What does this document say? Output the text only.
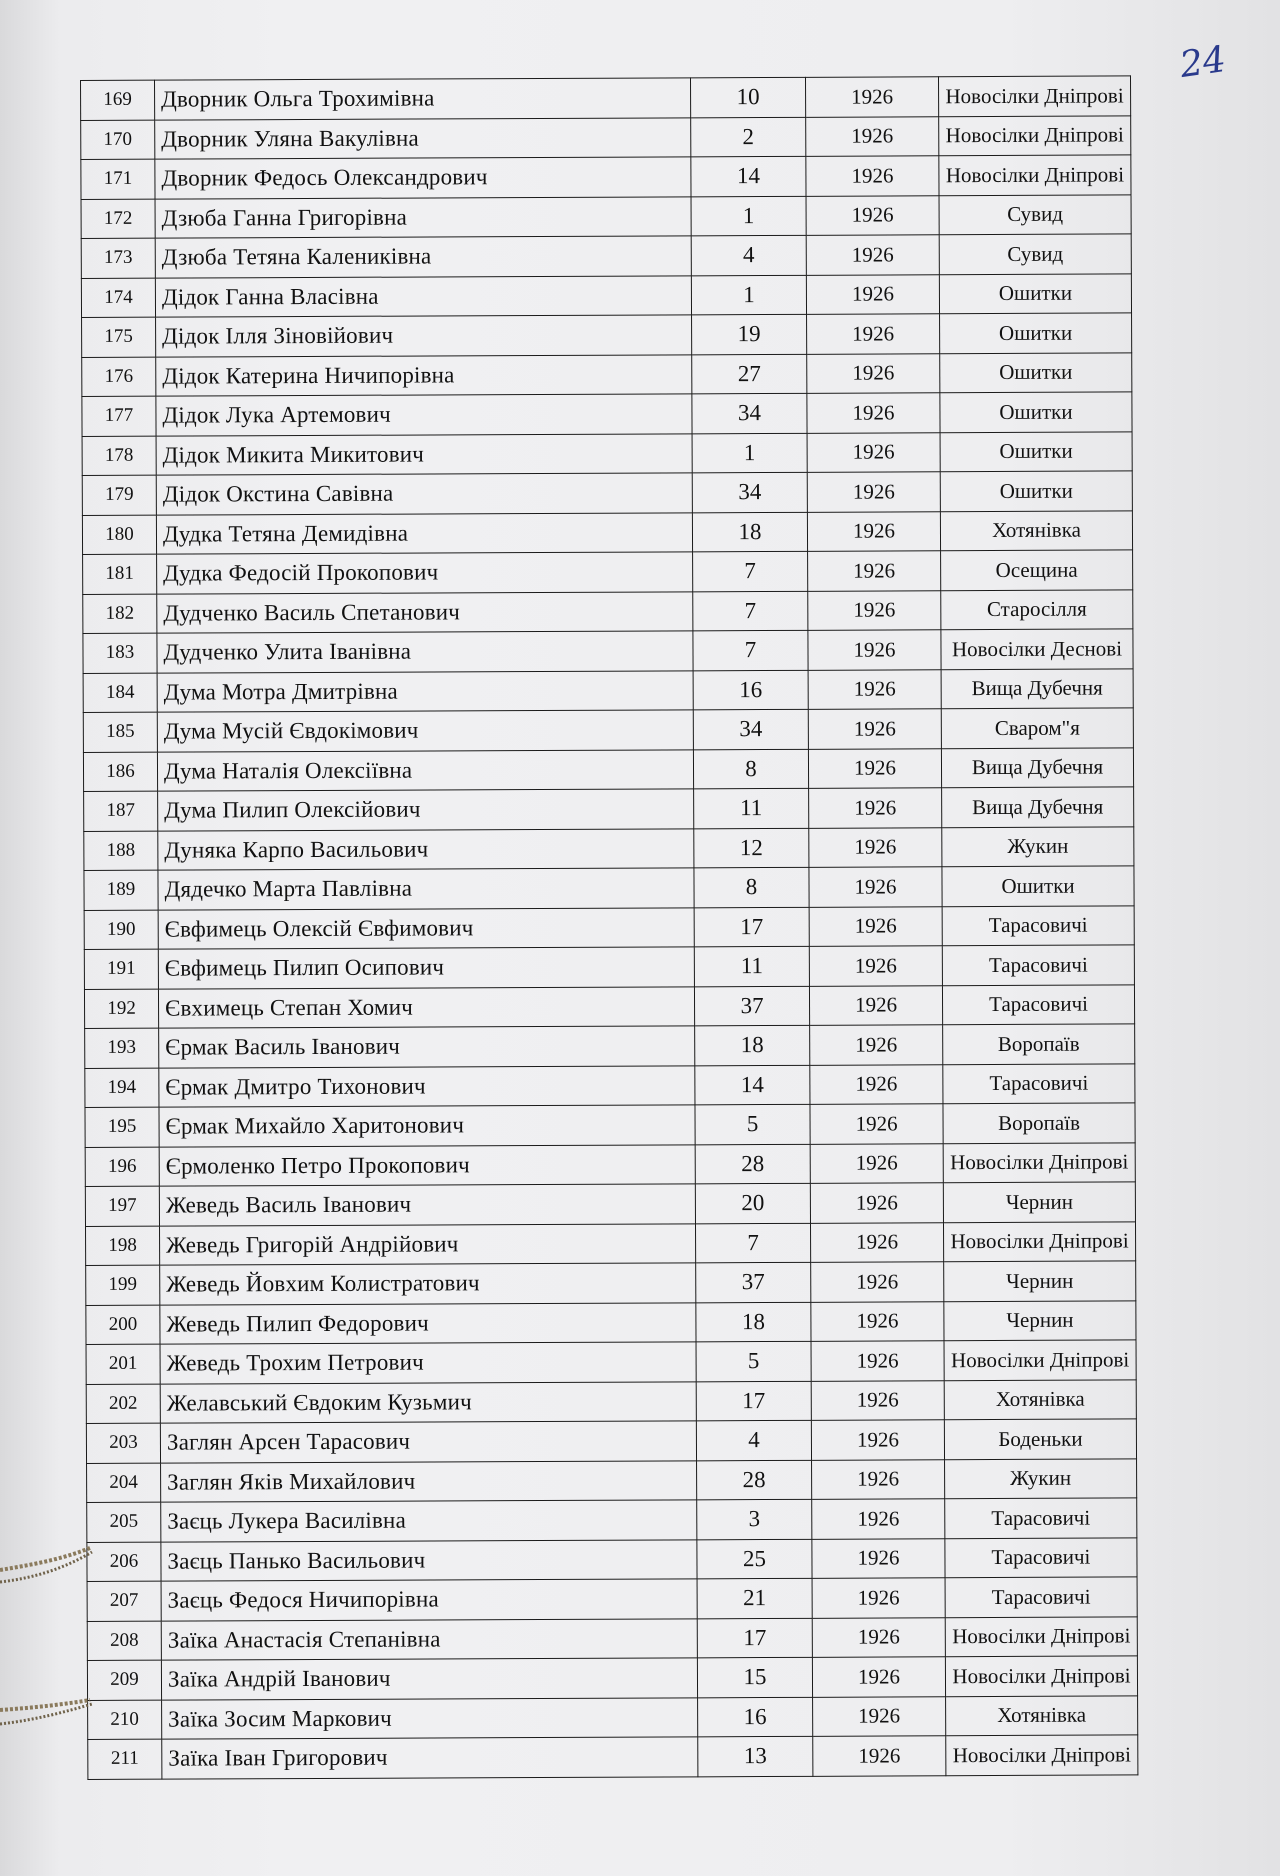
24
169	Дворник Ольга Трохимівна	10	1926	Новосілки Дніпрові
170	Дворник Уляна Вакулівна	2	1926	Новосілки Дніпрові
171	Дворник Федось Олександрович	14	1926	Новосілки Дніпрові
172	Дзюба Ганна Григорівна	1	1926	Сувид
173	Дзюба Тетяна Калениківна	4	1926	Сувид
174	Дідок Ганна Власівна	1	1926	Ошитки
175	Дідок Ілля Зіновійович	19	1926	Ошитки
176	Дідок Катерина Ничипорівна	27	1926	Ошитки
177	Дідок Лука Артемович	34	1926	Ошитки
178	Дідок Микита Микитович	1	1926	Ошитки
179	Дідок Окстина Савівна	34	1926	Ошитки
180	Дудка Тетяна Демидівна	18	1926	Хотянівка
181	Дудка Федосій Прокопович	7	1926	Осещина
182	Дудченко Василь Спетанович	7	1926	Старосілля
183	Дудченко Улита Іванівна	7	1926	Новосілки Деснові
184	Дума Мотра Дмитрівна	16	1926	Вища Дубечня
185	Дума Мусій Євдокімович	34	1926	Сваром"я
186	Дума Наталія Олексіївна	8	1926	Вища Дубечня
187	Дума Пилип Олексійович	11	1926	Вища Дубечня
188	Дуняка Карпо Васильович	12	1926	Жукин
189	Дядечко Марта Павлівна	8	1926	Ошитки
190	Євфимець Олексій Євфимович	17	1926	Тарасовичі
191	Євфимець Пилип Осипович	11	1926	Тарасовичі
192	Євхимець Степан Хомич	37	1926	Тарасовичі
193	Єрмак Василь Іванович	18	1926	Воропаїв
194	Єрмак Дмитро Тихонович	14	1926	Тарасовичі
195	Єрмак Михайло Харитонович	5	1926	Воропаїв
196	Єрмоленко Петро Прокопович	28	1926	Новосілки Дніпрові
197	Жеведь Василь Іванович	20	1926	Чернин
198	Жеведь Григорій Андрійович	7	1926	Новосілки Дніпрові
199	Жеведь Йовхим Колистратович	37	1926	Чернин
200	Жеведь Пилип Федорович	18	1926	Чернин
201	Жеведь Трохим Петрович	5	1926	Новосілки Дніпрові
202	Желавський Євдоким Кузьмич	17	1926	Хотянівка
203	Заглян Арсен Тарасович	4	1926	Боденьки
204	Заглян Яків Михайлович	28	1926	Жукин
205	Заєць Лукера Василівна	3	1926	Тарасовичі
206	Заєць Панько Васильович	25	1926	Тарасовичі
207	Заєць Федося Ничипорівна	21	1926	Тарасовичі
208	Заїка Анастасія Степанівна	17	1926	Новосілки Дніпрові
209	Заїка Андрій Іванович	15	1926	Новосілки Дніпрові
210	Заїка Зосим Маркович	16	1926	Хотянівка
211	Заїка Іван Григорович	13	1926	Новосілки Дніпрові
